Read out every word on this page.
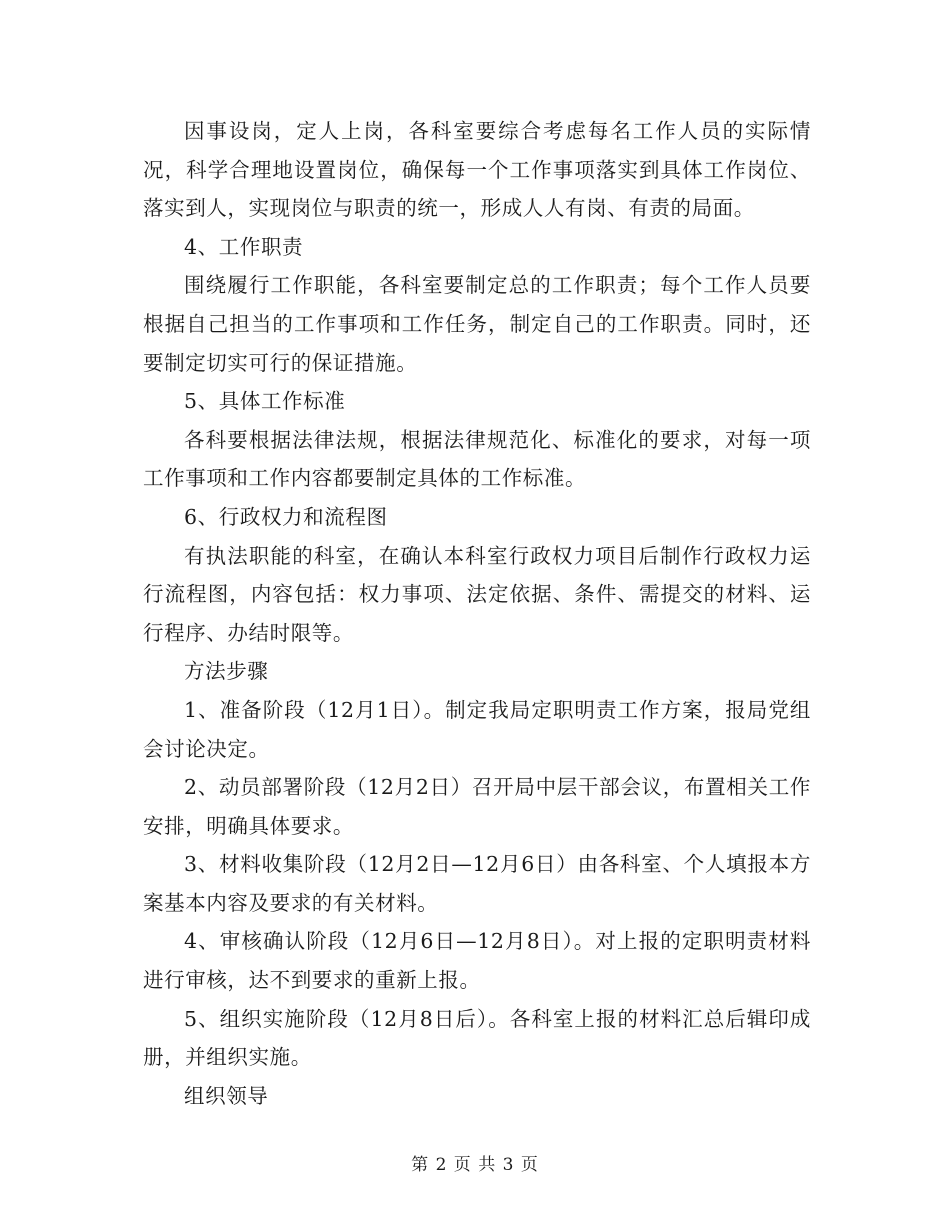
因事设岗，定人上岗，各科室要综合考虑每名工作人员的实际情况，科学合理地设置岗位，确保每一个工作事项落实到具体工作岗位、落实到人，实现岗位与职责的统一，形成人人有岗、有责的局面。

4、工作职责

围绕履行工作职能，各科室要制定总的工作职责；每个工作人员要根据自己担当的工作事项和工作任务，制定自己的工作职责。同时，还要制定切实可行的保证措施。

5、具体工作标准

各科要根据法律法规，根据法律规范化、标准化的要求，对每一项工作事项和工作内容都要制定具体的工作标准。

6、行政权力和流程图

有执法职能的科室，在确认本科室行政权力项目后制作行政权力运行流程图，内容包括：权力事项、法定依据、条件、需提交的材料、运行程序、办结时限等。

方法步骤

1、准备阶段（12月1日）。制定我局定职明责工作方案，报局党组会讨论决定。

2、动员部署阶段（12月2日）召开局中层干部会议，布置相关工作安排，明确具体要求。

3、材料收集阶段（12月2日—12月6日）由各科室、个人填报本方案基本内容及要求的有关材料。

4、审核确认阶段（12月6日—12月8日）。对上报的定职明责材料进行审核，达不到要求的重新上报。

5、组织实施阶段（12月8日后）。各科室上报的材料汇总后辑印成册，并组织实施。

组织领导

第 2 页 共 3 页
